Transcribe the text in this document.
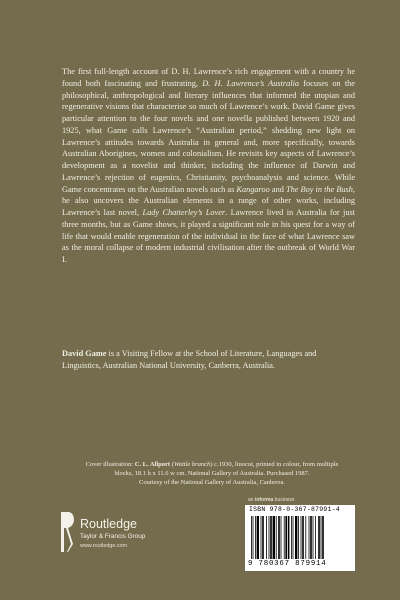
The first full-length account of D. H. Lawrence’s rich engagement with a country he found both fascinating and frustrating, D. H. Lawrence’s Australia focuses on the philosophical, anthropological and literary influences that informed the utopian and regenerative visions that characterise so much of Lawrence’s work. David Game gives particular attention to the four novels and one novella published between 1920 and 1925, what Game calls Lawrence’s “Australian period,” shedding new light on Lawrence’s attitudes towards Australia in general and, more specifically, towards Australian Aborigines, women and colonialism. He revisits key aspects of Lawrence’s development as a novelist and thinker, including the influence of Darwin and Lawrence’s rejection of eugenics, Christianity, psychoanalysis and science. While Game concentrates on the Australian novels such as Kangaroo and The Boy in the Bush, he also uncovers the Australian elements in a range of other works, including Lawrence’s last novel, Lady Chatterley’s Lover. Lawrence lived in Australia for just three months, but as Game shows, it played a significant role in his quest for a way of life that would enable regeneration of the individual in the face of what Lawrence saw as the moral collapse of modern industrial civilisation after the outbreak of World War I.

David Game is a Visiting Fellow at the School of Literature, Languages and Linguistics, Australian National University, Canberra, Australia.

Cover illustration: C. L. Allport (Wattle branch) c.1930, linocut, printed in colour, from multiple
blocks, 18.1 h x 11.6 w cm. National Gallery of Australia. Purchased 1987.
Courtesy of the National Gallery of Australia, Canberra.
an informa business
ISBN 978-0-367-87991-4
9 780367 879914
Routledge
Taylor & Francis Group
www.routledge.com
